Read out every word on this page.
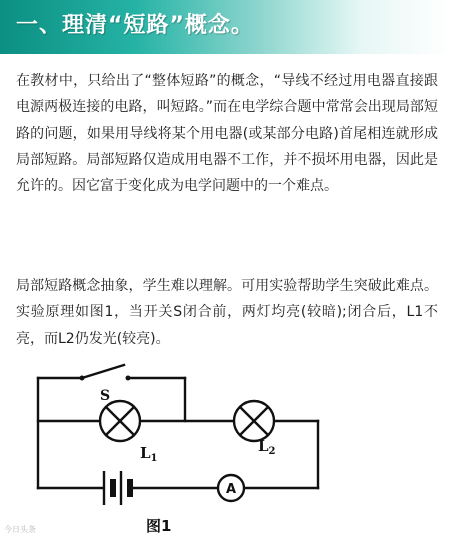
一、理清“短路”概念。

在教材中，只给出了“整体短路”的概念，“导线不经过用电器直接跟电源两极连接的电路，叫短路。”而在电学综合题中常常会出现局部短路的问题，如果用导线将某个用电器(或某部分电路)首尾相连就形成局部短路。局部短路仅造成用电器不工作，并不损坏用电器，因此是允许的。因它富于变化成为电学问题中的一个难点。

局部短路概念抽象，学生难以理解。可用实验帮助学生突破此难点。实验原理如图1，当开关S闭合前，两灯均亮(较暗);闭合后，L1不亮，而L2仍发光(较亮)。

S
$L_1$
$L_2$
A
图1
今日头条
